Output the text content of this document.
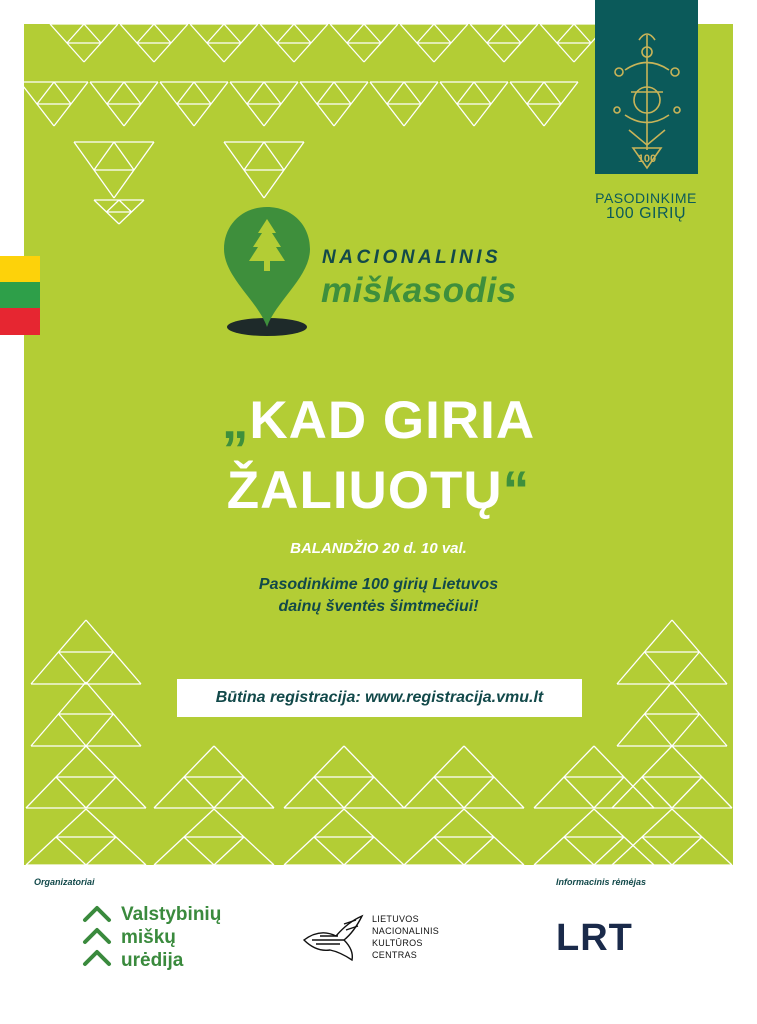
100
PASODINKIME
100 GIRIŲ
NACIONALINIS
miškasodis
„KAD GIRIA
ŽALIUOTŲ“
BALANDŽIO 20 d. 10 val.
Pasodinkime 100 girių Lietuvos
dainų šventės šimtmečiui!
Būtina registracija: www.registracija.vmu.lt
Organizatoriai	Informacinis rėmėjas
Valstybinių
miškų
urėdija
LIETUVOS
NACIONALINIS
KULTŪROS
CENTRAS	LRT
